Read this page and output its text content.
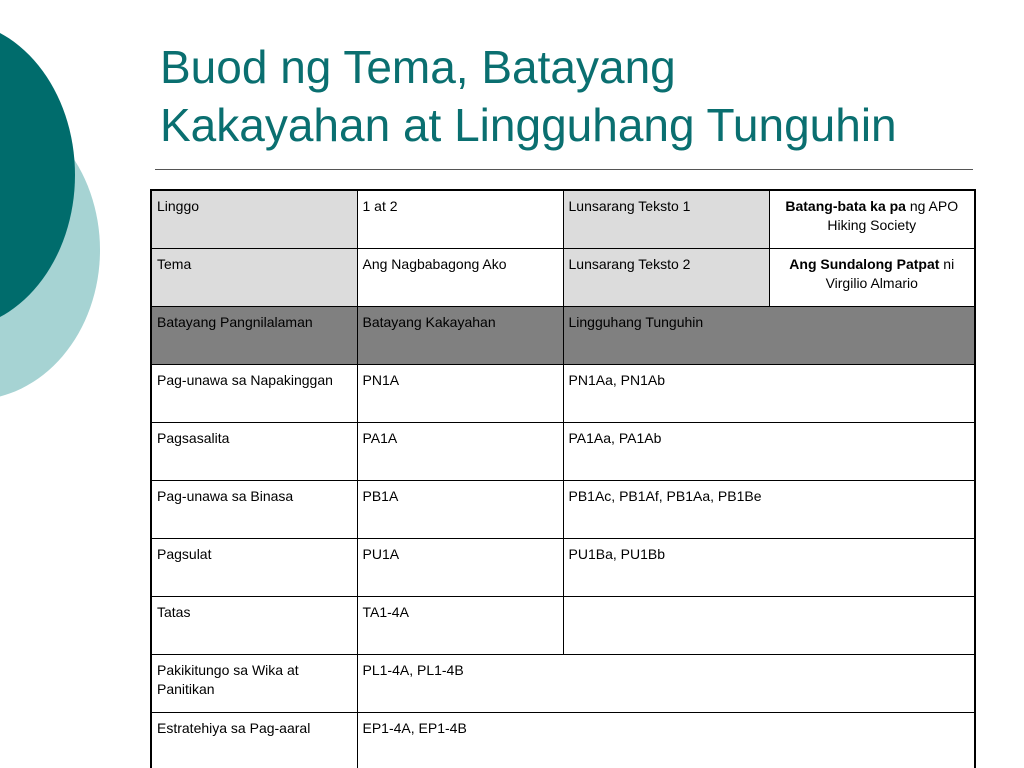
Buod ng Tema, Batayang
Kakayahan at Lingguhang Tunguhin
Linggo	1 at 2	Lunsarang Teksto 1	Batang-bata ka pa ng APO Hiking Society
Tema	Ang Nagbabagong Ako	Lunsarang Teksto 2	Ang Sundalong Patpat ni Virgilio Almario
Batayang Pangnilalaman	Batayang Kakayahan	Lingguhang Tunguhin	
Pag-unawa sa Napakinggan	PN1A	PN1Aa, PN1Ab	
Pagsasalita	PA1A	PA1Aa, PA1Ab	
Pag-unawa sa Binasa	PB1A	PB1Ac, PB1Af, PB1Aa, PB1Be	
Pagsulat	PU1A	PU1Ba, PU1Bb	
Tatas	TA1-4A		
Pakikitungo sa Wika at Panitikan	PL1-4A, PL1-4B		
Estratehiya sa Pag-aaral	EP1-4A, EP1-4B		
